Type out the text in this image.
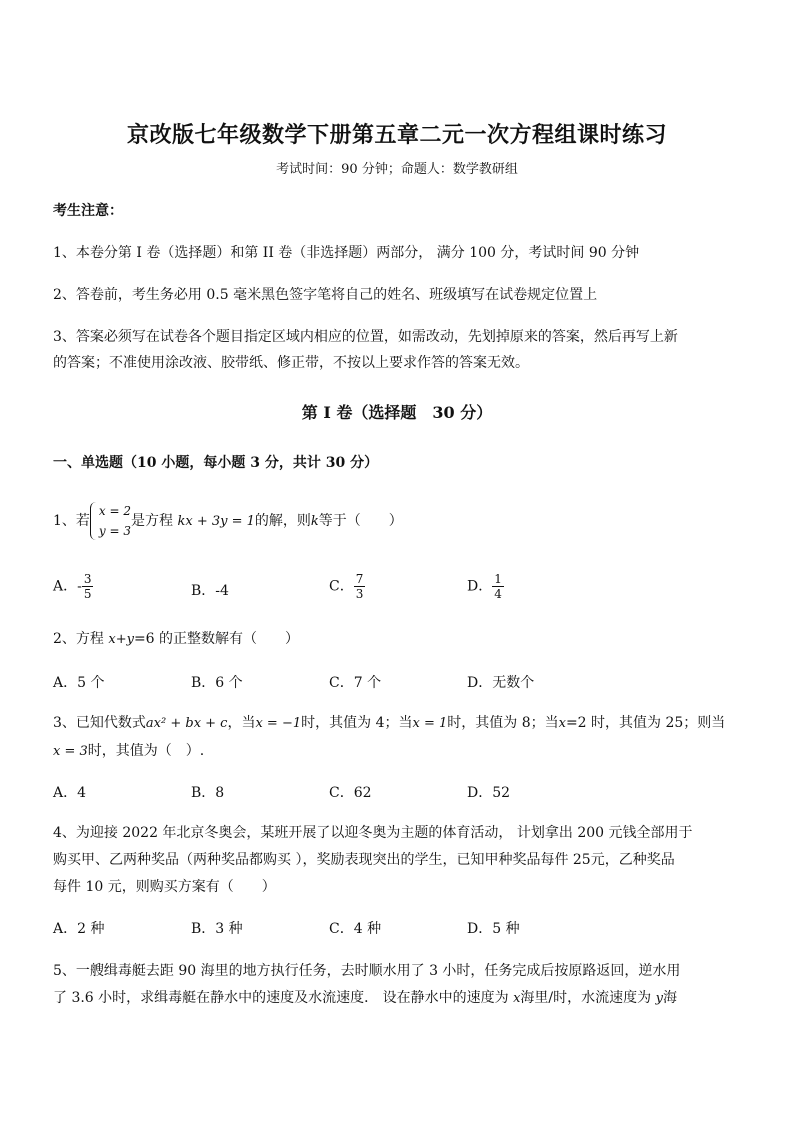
京改版七年级数学下册第五章二元一次方程组课时练习
考试时间：90 分钟；命题人：数学教研组
考生注意：
1、本卷分第 I 卷（选择题）和第 II 卷（非选择题）两部分， 满分 100 分，考试时间 90 分钟
2、答卷前，考生务必用 0.5 毫米黑色签字笔将自己的姓名、班级填写在试卷规定位置上
3、答案必须写在试卷各个题目指定区域内相应的位置，如需改动，先划掉原来的答案，然后再写上新
的答案；不准使用涂改液、胶带纸、修正带，不按以上要求作答的答案无效。
第 I 卷（选择题　30 分）
一、单选题（10 小题，每小题 3 分，共计 30 分）
1、若
x = 2
y = 3
是方程 kx + 3y = 1的解，则k等于（　　）
A．- $\frac{3}{5}$	B．-4	C． $\frac{7}{3}$	D． $\frac{1}{4}$
2、方程 x+y=6 的正整数解有（　　）
A．5 个	B．6 个	C．7 个	D．无数个
3、已知代数式ax² + bx + c，当x = −1时，其值为 4；当x = 1时，其值为 8；当x=2 时，其值为 25；则当
x = 3时，其值为（　）.
A．4	B．8	C．62	D．52
4、为迎接 2022 年北京冬奥会，某班开展了以迎冬奥为主题的体育活动， 计划拿出 200 元钱全部用于
购买甲、乙两种奖品（两种奖品都购买 ），奖励表现突出的学生，已知甲种奖品每件 25元，乙种奖品
每件 10 元，则购买方案有（　　）
A．2 种	B．3 种	C．4 种	D．5 种
5、一艘缉毒艇去距 90 海里的地方执行任务，去时顺水用了 3 小时，任务完成后按原路返回，逆水用
了 3.6 小时，求缉毒艇在静水中的速度及水流速度． 设在静水中的速度为 x海里/时，水流速度为 y海
